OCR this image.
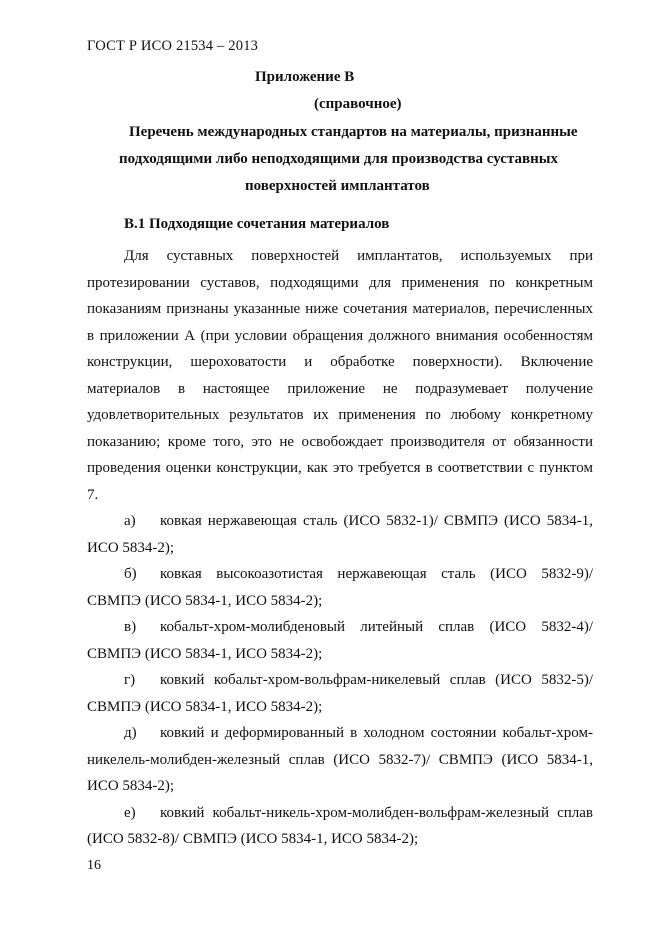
ГОСТ Р ИСО 21534 – 2013
Приложение В
(справочное)
Перечень международных стандартов на материалы, признанные
подходящими либо неподходящими для производства суставных
поверхностей имплантатов
В.1 Подходящие сочетания материалов

Для суставных поверхностей имплантатов, используемых при протезировании суставов, подходящими для применения по конкретным показаниям признаны указанные ниже сочетания материалов, перечисленных в приложении А (при условии обращения должного внимания особенностям конструкции, шероховатости и обработке поверхности). Включение материалов в настоящее приложение не подразумевает получение удовлетворительных результатов их применения по любому конкретному показанию; кроме того, это не освобождает производителя от обязанности проведения оценки конструкции, как это требуется в соответствии с пунктом 7.

а) ковкая нержавеющая сталь (ИСО 5832-1)/ СВМПЭ (ИСО 5834-1, ИСО 5834-2);

б) ковкая высокоазотистая нержавеющая сталь (ИСО 5832-9)/ СВМПЭ (ИСО 5834-1, ИСО 5834-2);

в) кобальт-хром-молибденовый литейный сплав (ИСО 5832-4)/ СВМПЭ (ИСО 5834-1, ИСО 5834-2);

г) ковкий кобальт-хром-вольфрам-никелевый сплав (ИСО 5832-5)/ СВМПЭ (ИСО 5834-1, ИСО 5834-2);

д) ковкий и деформированный в холодном состоянии кобальт-хром-никелель-молибден-железный сплав (ИСО 5832-7)/ СВМПЭ (ИСО 5834-1, ИСО 5834-2);

е) ковкий кобальт-никель-хром-молибден-вольфрам-железный сплав (ИСО 5832-8)/ СВМПЭ (ИСО 5834-1, ИСО 5834-2);

16
